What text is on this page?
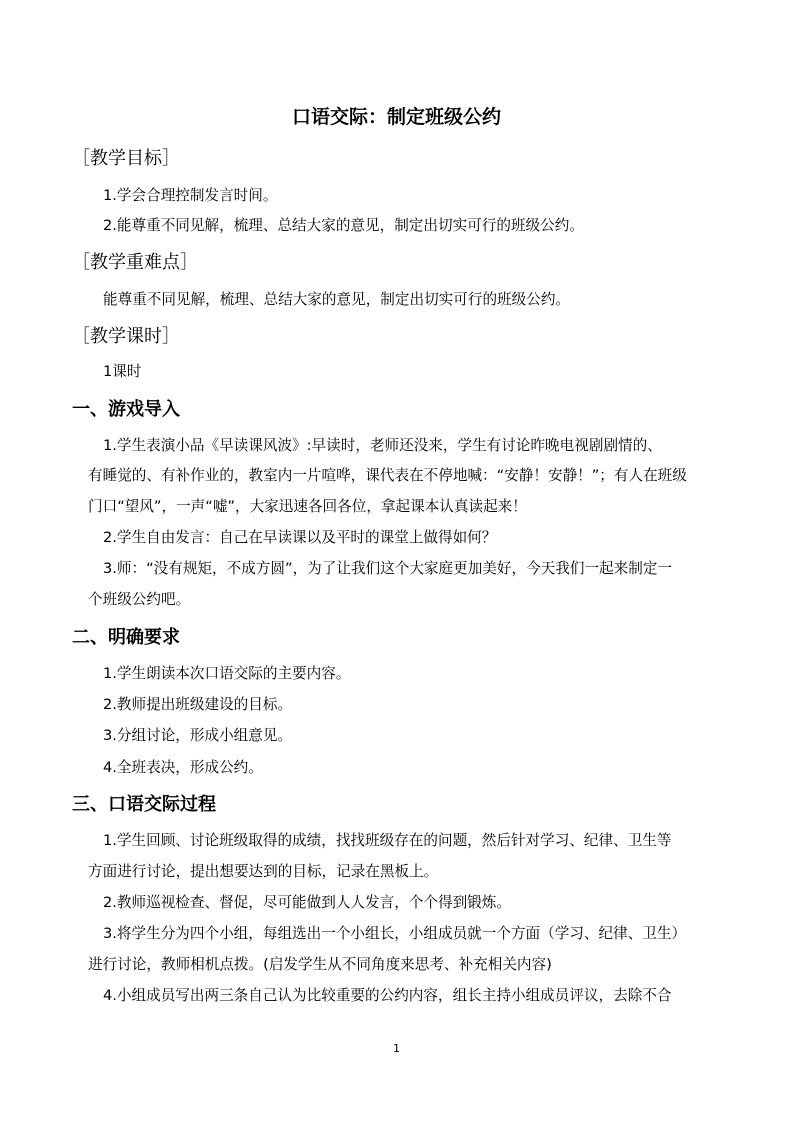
口语交际：制定班级公约
［教学目标］
1.学会合理控制发言时间。
2.能尊重不同见解，梳理、总结大家的意见，制定出切实可行的班级公约。
［教学重难点］
能尊重不同见解，梳理、总结大家的意见，制定出切实可行的班级公约。
［教学课时］
1课时
一、游戏导入
1.学生表演小品《早读课风波》:早读时，老师还没来，学生有讨论昨晚电视剧剧情的、
有睡觉的、有补作业的，教室内一片喧哗，课代表在不停地喊：“安静！安静！”；有人在班级
门口“望风”，一声“嘘”，大家迅速各回各位，拿起课本认真读起来！
2.学生自由发言：自己在早读课以及平时的课堂上做得如何？
3.师：“没有规矩，不成方圆”，为了让我们这个大家庭更加美好，今天我们一起来制定一
个班级公约吧。
二、明确要求
1.学生朗读本次口语交际的主要内容。
2.教师提出班级建设的目标。
3.分组讨论，形成小组意见。
4.全班表决，形成公约。
三、口语交际过程
1.学生回顾、讨论班级取得的成绩，找找班级存在的问题，然后针对学习、纪律、卫生等
方面进行讨论，提出想要达到的目标，记录在黑板上。
2.教师巡视检查、督促，尽可能做到人人发言，个个得到锻炼。
3.将学生分为四个小组，每组选出一个小组长，小组成员就一个方面（学习、纪律、卫生）
进行讨论，教师相机点拨。(启发学生从不同角度来思考、补充相关内容)
4.小组成员写出两三条自己认为比较重要的公约内容，组长主持小组成员评议，去除不合
1
